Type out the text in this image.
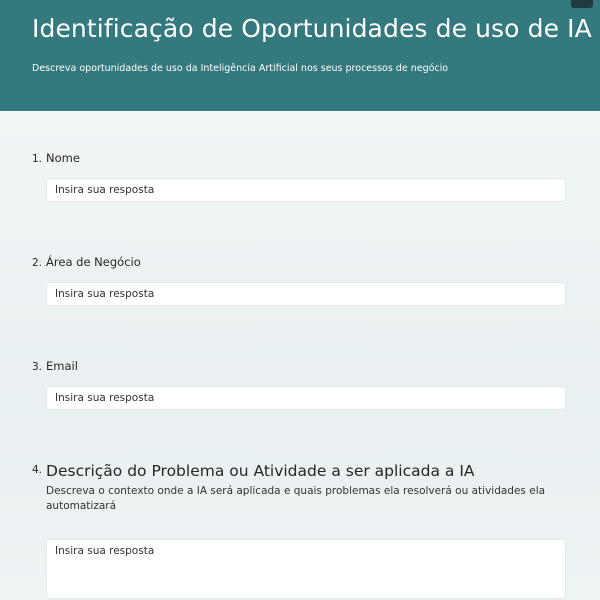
Identificação de Oportunidades de uso de IA
Descreva oportunidades de uso da Inteligência Artificial nos seus processos de negócio
1. Nome
Insira sua resposta
2. Área de Negócio
Insira sua resposta
3. Email
Insira sua resposta
4. Descrição do Problema ou Atividade a ser aplicada a IA
Descreva o contexto onde a IA será aplicada e quais problemas ela resolverá ou atividades ela automatizará
Insira sua resposta
